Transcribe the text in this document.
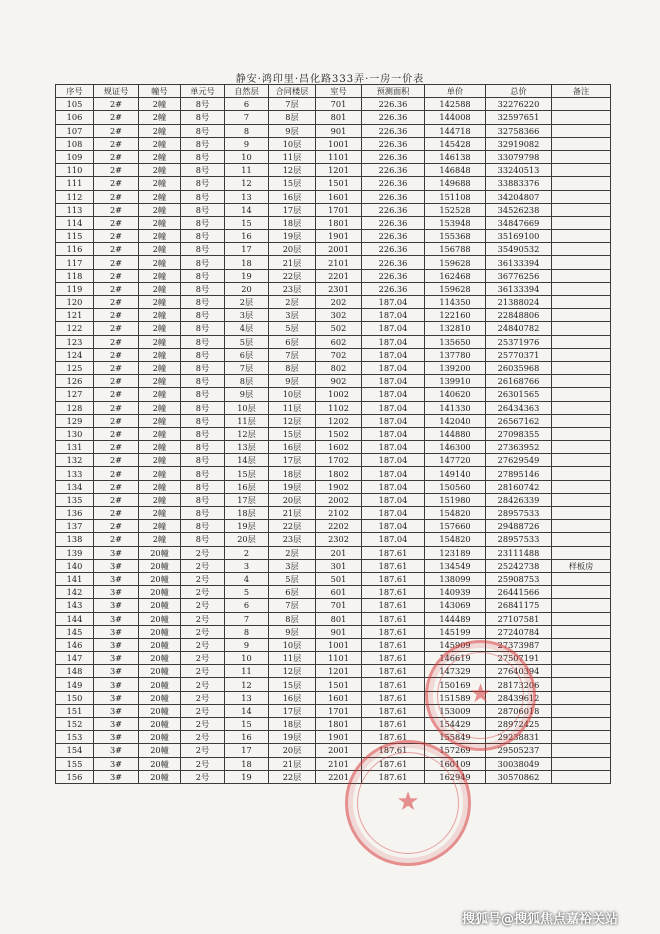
静安·鸿印里·昌化路333弄·一房一价表
序号	规证号	幢号	单元号	自然层	合同楼层	室号	预测面积	单价	总价	备注
105	2#	2幢	8号	6	7层	701	226.36	142588	32276220	
106	2#	2幢	8号	7	8层	801	226.36	144008	32597651	
107	2#	2幢	8号	8	9层	901	226.36	144718	32758366	
108	2#	2幢	8号	9	10层	1001	226.36	145428	32919082	
109	2#	2幢	8号	10	11层	1101	226.36	146138	33079798	
110	2#	2幢	8号	11	12层	1201	226.36	146848	33240513	
111	2#	2幢	8号	12	15层	1501	226.36	149688	33883376	
112	2#	2幢	8号	13	16层	1601	226.36	151108	34204807	
113	2#	2幢	8号	14	17层	1701	226.36	152528	34526238	
114	2#	2幢	8号	15	18层	1801	226.36	153948	34847669	
115	2#	2幢	8号	16	19层	1901	226.36	155368	35169100	
116	2#	2幢	8号	17	20层	2001	226.36	156788	35490532	
117	2#	2幢	8号	18	21层	2101	226.36	159628	36133394	
118	2#	2幢	8号	19	22层	2201	226.36	162468	36776256	
119	2#	2幢	8号	20	23层	2301	226.36	159628	36133394	
120	2#	2幢	8号	2层	2层	202	187.04	114350	21388024	
121	2#	2幢	8号	3层	3层	302	187.04	122160	22848806	
122	2#	2幢	8号	4层	5层	502	187.04	132810	24840782	
123	2#	2幢	8号	5层	6层	602	187.04	135650	25371976	
124	2#	2幢	8号	6层	7层	702	187.04	137780	25770371	
125	2#	2幢	8号	7层	8层	802	187.04	139200	26035968	
126	2#	2幢	8号	8层	9层	902	187.04	139910	26168766	
127	2#	2幢	8号	9层	10层	1002	187.04	140620	26301565	
128	2#	2幢	8号	10层	11层	1102	187.04	141330	26434363	
129	2#	2幢	8号	11层	12层	1202	187.04	142040	26567162	
130	2#	2幢	8号	12层	15层	1502	187.04	144880	27098355	
131	2#	2幢	8号	13层	16层	1602	187.04	146300	27363952	
132	2#	2幢	8号	14层	17层	1702	187.04	147720	27629549	
133	2#	2幢	8号	15层	18层	1802	187.04	149140	27895146	
134	2#	2幢	8号	16层	19层	1902	187.04	150560	28160742	
135	2#	2幢	8号	17层	20层	2002	187.04	151980	28426339	
136	2#	2幢	8号	18层	21层	2102	187.04	154820	28957533	
137	2#	2幢	8号	19层	22层	2202	187.04	157660	29488726	
138	2#	2幢	8号	20层	23层	2302	187.04	154820	28957533	
139	3#	20幢	2号	2	2层	201	187.61	123189	23111488	
140	3#	20幢	2号	3	3层	301	187.61	134549	25242738	样板房
141	3#	20幢	2号	4	5层	501	187.61	138099	25908753	
142	3#	20幢	2号	5	6层	601	187.61	140939	26441566	
143	3#	20幢	2号	6	7层	701	187.61	143069	26841175	
144	3#	20幢	2号	7	8层	801	187.61	144489	27107581	
145	3#	20幢	2号	8	9层	901	187.61	145199	27240784	
146	3#	20幢	2号	9	10层	1001	187.61	145909	27373987	
147	3#	20幢	2号	10	11层	1101	187.61	146619	27507191	
148	3#	20幢	2号	11	12层	1201	187.61	147329	27640394	
149	3#	20幢	2号	12	15层	1501	187.61	150169	28173206	
150	3#	20幢	2号	13	16层	1601	187.61	151589	28439612	
151	3#	20幢	2号	14	17层	1701	187.61	153009	28706018	
152	3#	20幢	2号	15	18层	1801	187.61	154429	28972425	
153	3#	20幢	2号	16	19层	1901	187.61	155849	29238831	
154	3#	20幢	2号	17	20层	2001	187.61	157269	29505237	
155	3#	20幢	2号	18	21层	2101	187.61	160109	30038049	
156	3#	20幢	2号	19	22层	2201	187.61	162949	30570862	
★
★
搜狐号@搜狐焦点嘉裕关站
